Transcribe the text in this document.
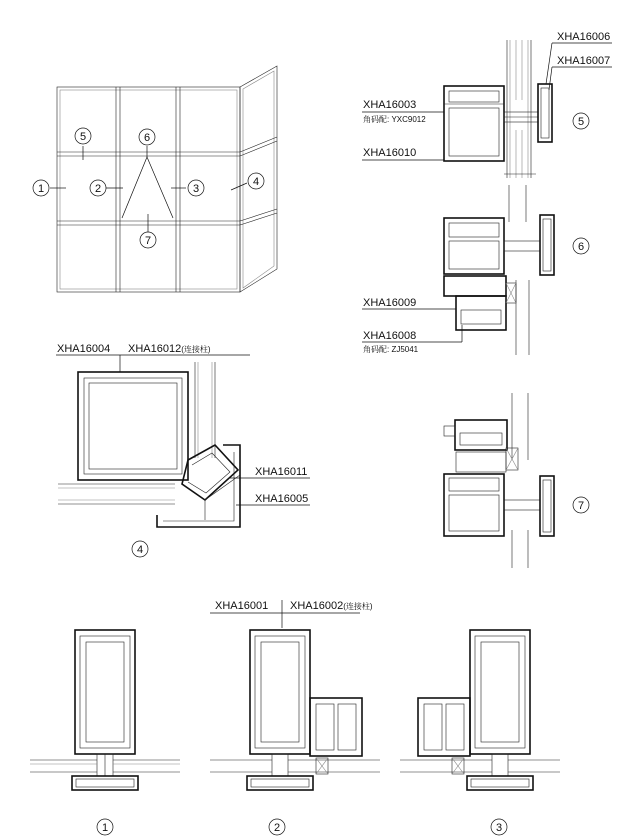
1	2	3
4
5	6
7
XHA16006
XHA16007
XHA16003
角码配: YXC9012
XHA16010
5
XHA16009
XHA16008
角码配: ZJ5041
6
7
XHA16004 XHA16012(连接柱)
XHA16011
XHA16005
4
XHA16001 XHA16002(连接柱)
1	2	3
